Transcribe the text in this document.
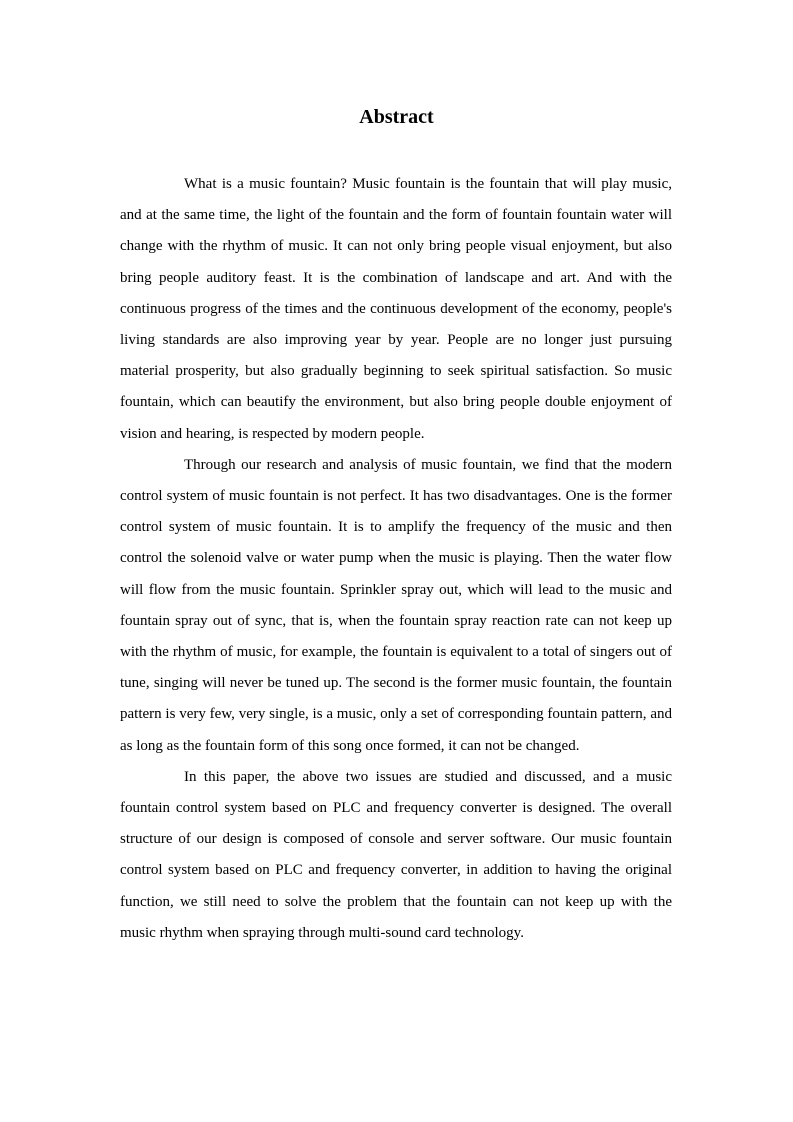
Abstract

What is a music fountain? Music fountain is the fountain that will play music, and at the same time, the light of the fountain and the form of fountain fountain water will change with the rhythm of music. It can not only bring people visual enjoyment, but also bring people auditory feast. It is the combination of landscape and art. And with the continuous progress of the times and the continuous development of the economy, people's living standards are also improving year by year. People are no longer just pursuing material prosperity, but also gradually beginning to seek spiritual satisfaction. So music fountain, which can beautify the environment, but also bring people double enjoyment of vision and hearing, is respected by modern people.

Through our research and analysis of music fountain, we find that the modern control system of music fountain is not perfect. It has two disadvantages. One is the former control system of music fountain. It is to amplify the frequency of the music and then control the solenoid valve or water pump when the music is playing. Then the water flow will flow from the music fountain. Sprinkler spray out, which will lead to the music and fountain spray out of sync, that is, when the fountain spray reaction rate can not keep up with the rhythm of music, for example, the fountain is equivalent to a total of singers out of tune, singing will never be tuned up. The second is the former music fountain, the fountain pattern is very few, very single, is a music, only a set of corresponding fountain pattern, and as long as the fountain form of this song once formed, it can not be changed.

In this paper, the above two issues are studied and discussed, and a music fountain control system based on PLC and frequency converter is designed. The overall structure of our design is composed of console and server software. Our music fountain control system based on PLC and frequency converter, in addition to having the original function, we still need to solve the problem that the fountain can not keep up with the music rhythm when spraying through multi-sound card technology.
